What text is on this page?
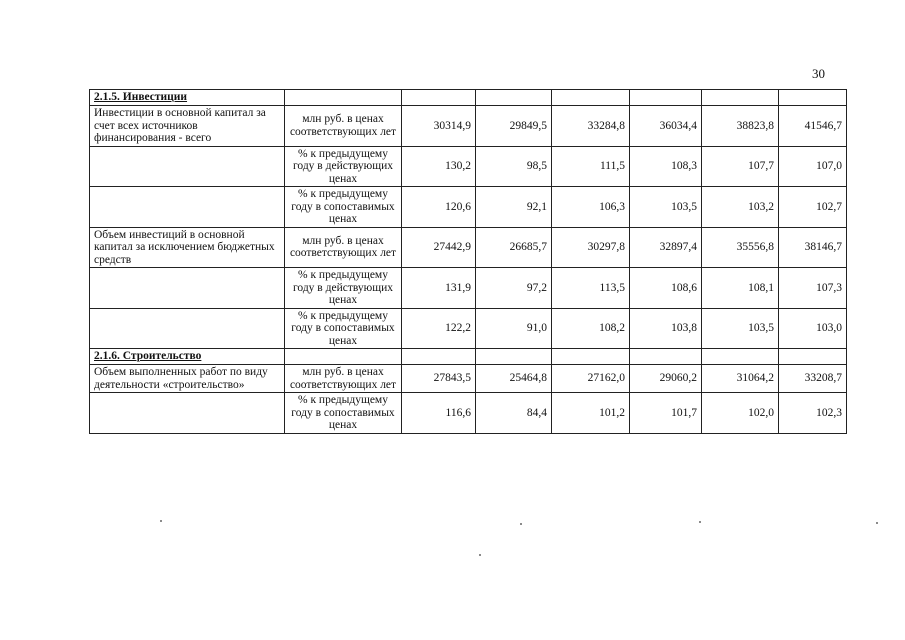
30
2.1.5. Инвестиции							
Инвестиции в основной капитал за счет всех источников финансирования - всего	млн руб. в ценах соответствующих лет	30314,9	29849,5	33284,8	36034,4	38823,8	41546,7
	% к предыдущему году в действующих ценах	130,2	98,5	111,5	108,3	107,7	107,0
	% к предыдущему году в сопоставимых ценах	120,6	92,1	106,3	103,5	103,2	102,7
Объем инвестиций в основной капитал за исключением бюджетных средств	млн руб. в ценах соответствующих лет	27442,9	26685,7	30297,8	32897,4	35556,8	38146,7
	% к предыдущему году в действующих ценах	131,9	97,2	113,5	108,6	108,1	107,3
	% к предыдущему году в сопоставимых ценах	122,2	91,0	108,2	103,8	103,5	103,0
2.1.6. Строительство							
Объем выполненных работ по виду деятельности «строительство»	млн руб. в ценах соответствующих лет	27843,5	25464,8	27162,0	29060,2	31064,2	33208,7
	% к предыдущему году в сопоставимых ценах	116,6	84,4	101,2	101,7	102,0	102,3
